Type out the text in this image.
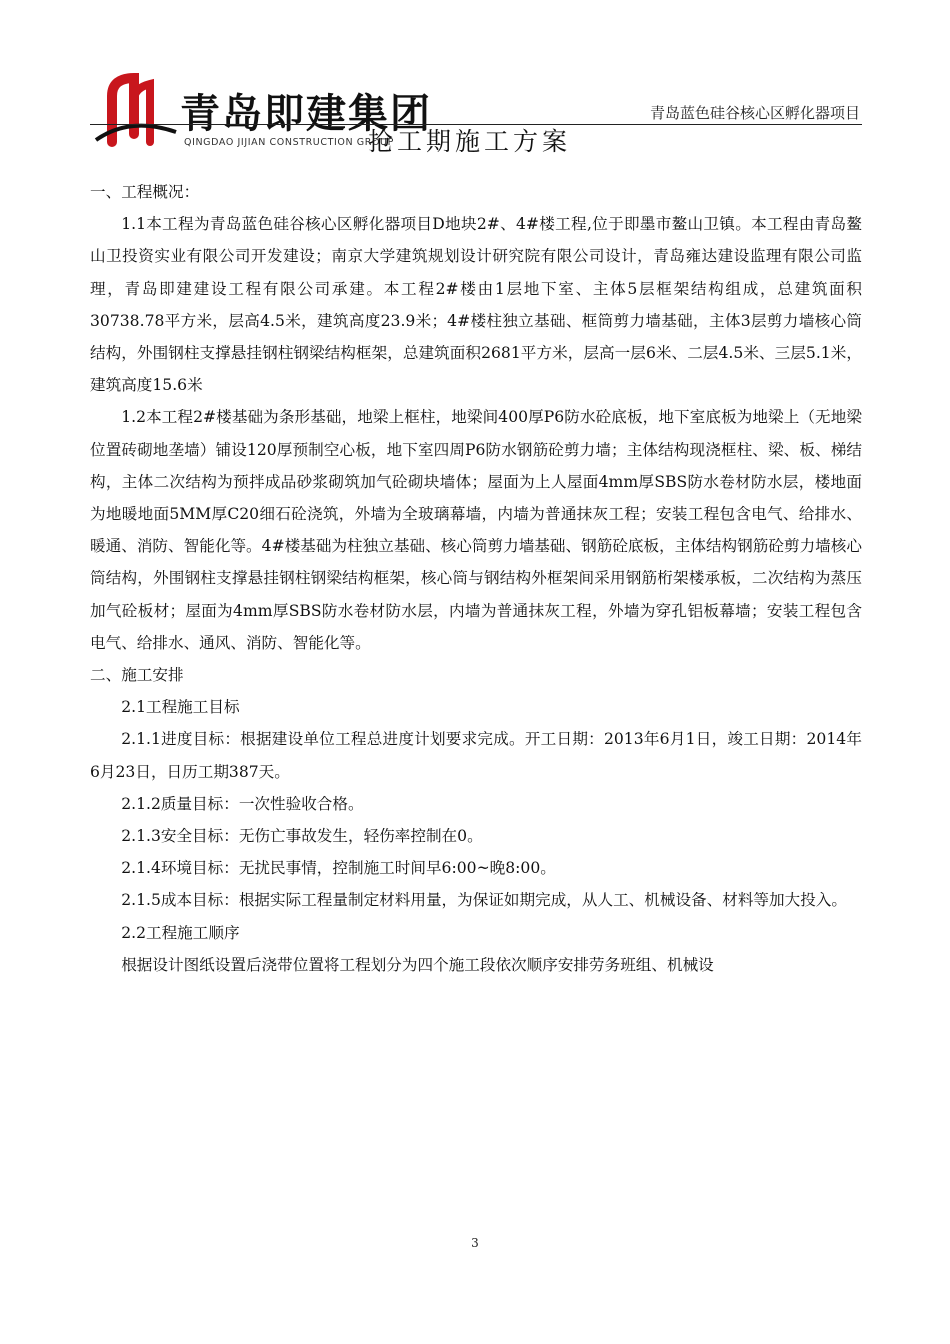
青岛即建集团
QINGDAO JIJIAN CONSTRUCTION GROUP
青岛蓝色硅谷核心区孵化器项目
抢工期施工方案

一、工程概况：

1.1本工程为青岛蓝色硅谷核心区孵化器项目D地块2#、4#楼工程,位于即墨市鳌山卫镇。本工程由青岛鳌山卫投资实业有限公司开发建设；南京大学建筑规划设计研究院有限公司设计，青岛雍达建设监理有限公司监理，青岛即建建设工程有限公司承建。本工程2#楼由1层地下室、主体5层框架结构组成，总建筑面积30738.78平方米，层高4.5米，建筑高度23.9米；4#楼柱独立基础、框筒剪力墙基础，主体3层剪力墙核心筒结构，外围钢柱支撑悬挂钢柱钢梁结构框架，总建筑面积2681平方米，层高一层6米、二层4.5米、三层5.1米，建筑高度15.6米

1.2本工程2#楼基础为条形基础，地梁上框柱，地梁间400厚P6防水砼底板，地下室底板为地梁上（无地梁位置砖砌地垄墙）铺设120厚预制空心板，地下室四周P6防水钢筋砼剪力墙；主体结构现浇框柱、梁、板、梯结构，主体二次结构为预拌成品砂浆砌筑加气砼砌块墙体；屋面为上人屋面4mm厚SBS防水卷材防水层，楼地面为地暖地面5MM厚C20细石砼浇筑，外墙为全玻璃幕墙，内墙为普通抹灰工程；安装工程包含电气、给排水、暖通、消防、智能化等。4#楼基础为柱独立基础、核心筒剪力墙基础、钢筋砼底板，主体结构钢筋砼剪力墙核心筒结构，外围钢柱支撑悬挂钢柱钢梁结构框架，核心筒与钢结构外框架间采用钢筋桁架楼承板，二次结构为蒸压加气砼板材；屋面为4mm厚SBS防水卷材防水层，内墙为普通抹灰工程，外墙为穿孔铝板幕墙；安装工程包含电气、给排水、通风、消防、智能化等。

二、施工安排

2.1工程施工目标

2.1.1进度目标：根据建设单位工程总进度计划要求完成。开工日期：2013年6月1日，竣工日期：2014年6月23日，日历工期387天。

2.1.2质量目标：一次性验收合格。

2.1.3安全目标：无伤亡事故发生，轻伤率控制在0。

2.1.4环境目标：无扰民事情，控制施工时间早6:00~晚8:00。

2.1.5成本目标：根据实际工程量制定材料用量，为保证如期完成，从人工、机械设备、材料等加大投入。

2.2工程施工顺序

根据设计图纸设置后浇带位置将工程划分为四个施工段依次顺序安排劳务班组、机械设

3
